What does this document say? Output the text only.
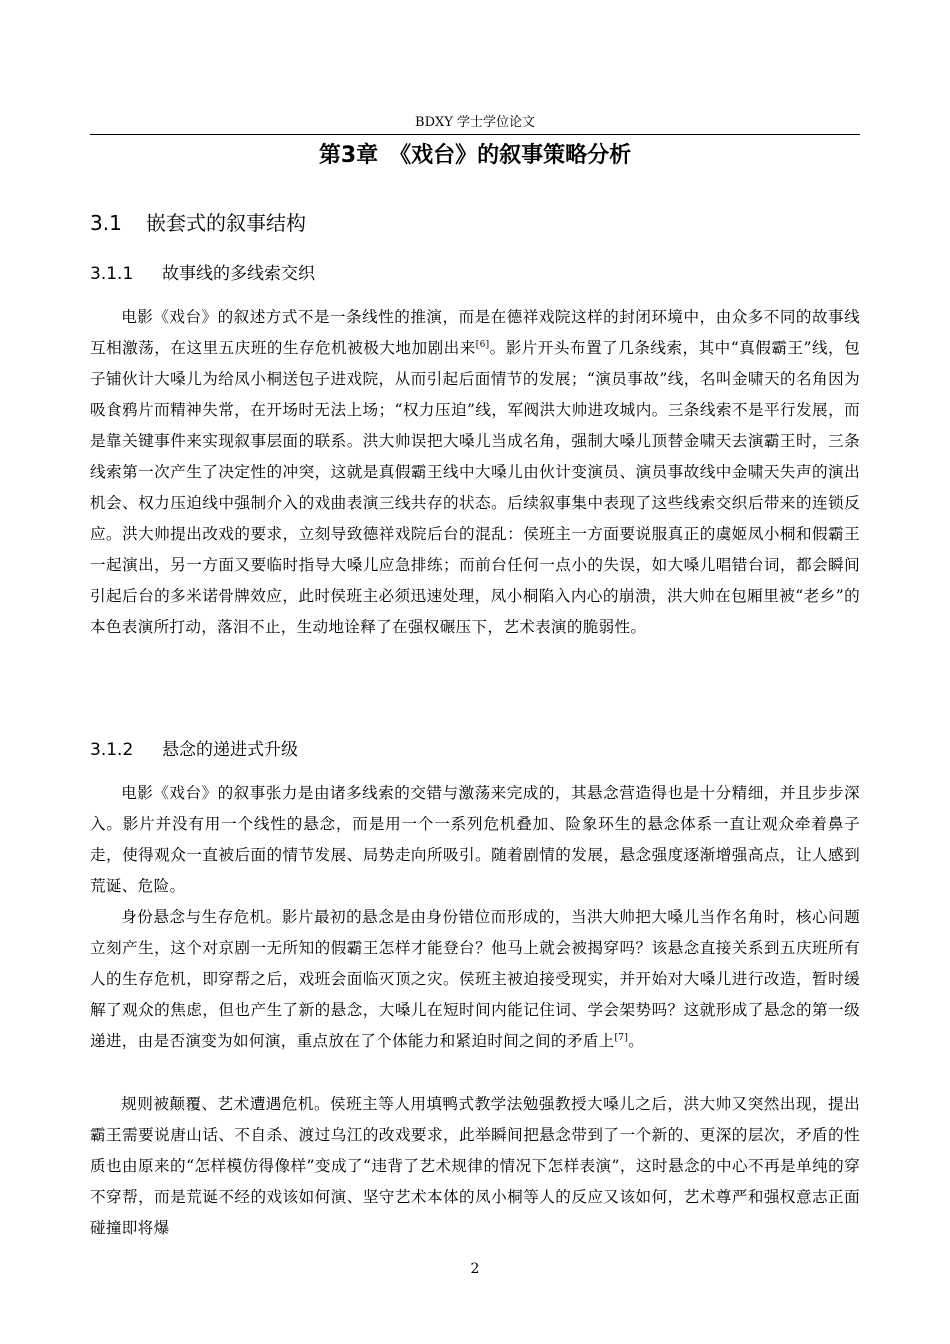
BDXY 学士学位论文
第3章　《戏台》的叙事策略分析
3.1 嵌套式的叙事结构
3.1.1 故事线的多线索交织

电影《戏台》的叙述方式不是一条线性的推演，而是在德祥戏院这样的封闭环境中，由众多不同的故事线互相激荡，在这里五庆班的生存危机被极大地加剧出来[6]。影片开头布置了几条线索，其中“真假霸王”线，包子铺伙计大嗓儿为给凤小桐送包子进戏院，从而引起后面情节的发展；“演员事故”线，名叫金啸天的名角因为吸食鸦片而精神失常，在开场时无法上场；“权力压迫”线，军阀洪大帅进攻城内。三条线索不是平行发展，而是靠关键事件来实现叙事层面的联系。洪大帅误把大嗓儿当成名角，强制大嗓儿顶替金啸天去演霸王时，三条线索第一次产生了决定性的冲突，这就是真假霸王线中大嗓儿由伙计变演员、演员事故线中金啸天失声的演出机会、权力压迫线中强制介入的戏曲表演三线共存的状态。后续叙事集中表现了这些线索交织后带来的连锁反应。洪大帅提出改戏的要求，立刻导致德祥戏院后台的混乱：侯班主一方面要说服真正的虞姬凤小桐和假霸王一起演出，另一方面又要临时指导大嗓儿应急排练；而前台任何一点小的失误，如大嗓儿唱错台词，都会瞬间引起后台的多米诺骨牌效应，此时侯班主必须迅速处理，凤小桐陷入内心的崩溃，洪大帅在包厢里被“老乡”的本色表演所打动，落泪不止，生动地诠释了在强权碾压下，艺术表演的脆弱性。

3.1.2 悬念的递进式升级

电影《戏台》的叙事张力是由诸多线索的交错与激荡来完成的，其悬念营造得也是十分精细，并且步步深入。影片并没有用一个线性的悬念，而是用一个一系列危机叠加、险象环生的悬念体系一直让观众牵着鼻子走，使得观众一直被后面的情节发展、局势走向所吸引。随着剧情的发展，悬念强度逐渐增强高点，让人感到荒诞、危险。

身份悬念与生存危机。影片最初的悬念是由身份错位而形成的，当洪大帅把大嗓儿当作名角时，核心问题立刻产生，这个对京剧一无所知的假霸王怎样才能登台？他马上就会被揭穿吗？该悬念直接关系到五庆班所有人的生存危机，即穿帮之后，戏班会面临灭顶之灾。侯班主被迫接受现实，并开始对大嗓儿进行改造，暂时缓解了观众的焦虑，但也产生了新的悬念，大嗓儿在短时间内能记住词、学会架势吗？这就形成了悬念的第一级递进，由是否演变为如何演，重点放在了个体能力和紧迫时间之间的矛盾上[7]。

规则被颠覆、艺术遭遇危机。侯班主等人用填鸭式教学法勉强教授大嗓儿之后，洪大帅又突然出现，提出霸王需要说唐山话、不自杀、渡过乌江的改戏要求，此举瞬间把悬念带到了一个新的、更深的层次，矛盾的性质也由原来的“怎样模仿得像样”变成了“违背了艺术规律的情况下怎样表演”，这时悬念的中心不再是单纯的穿不穿帮，而是荒诞不经的戏该如何演、坚守艺术本体的凤小桐等人的反应又该如何，艺术尊严和强权意志正面碰撞即将爆

2
